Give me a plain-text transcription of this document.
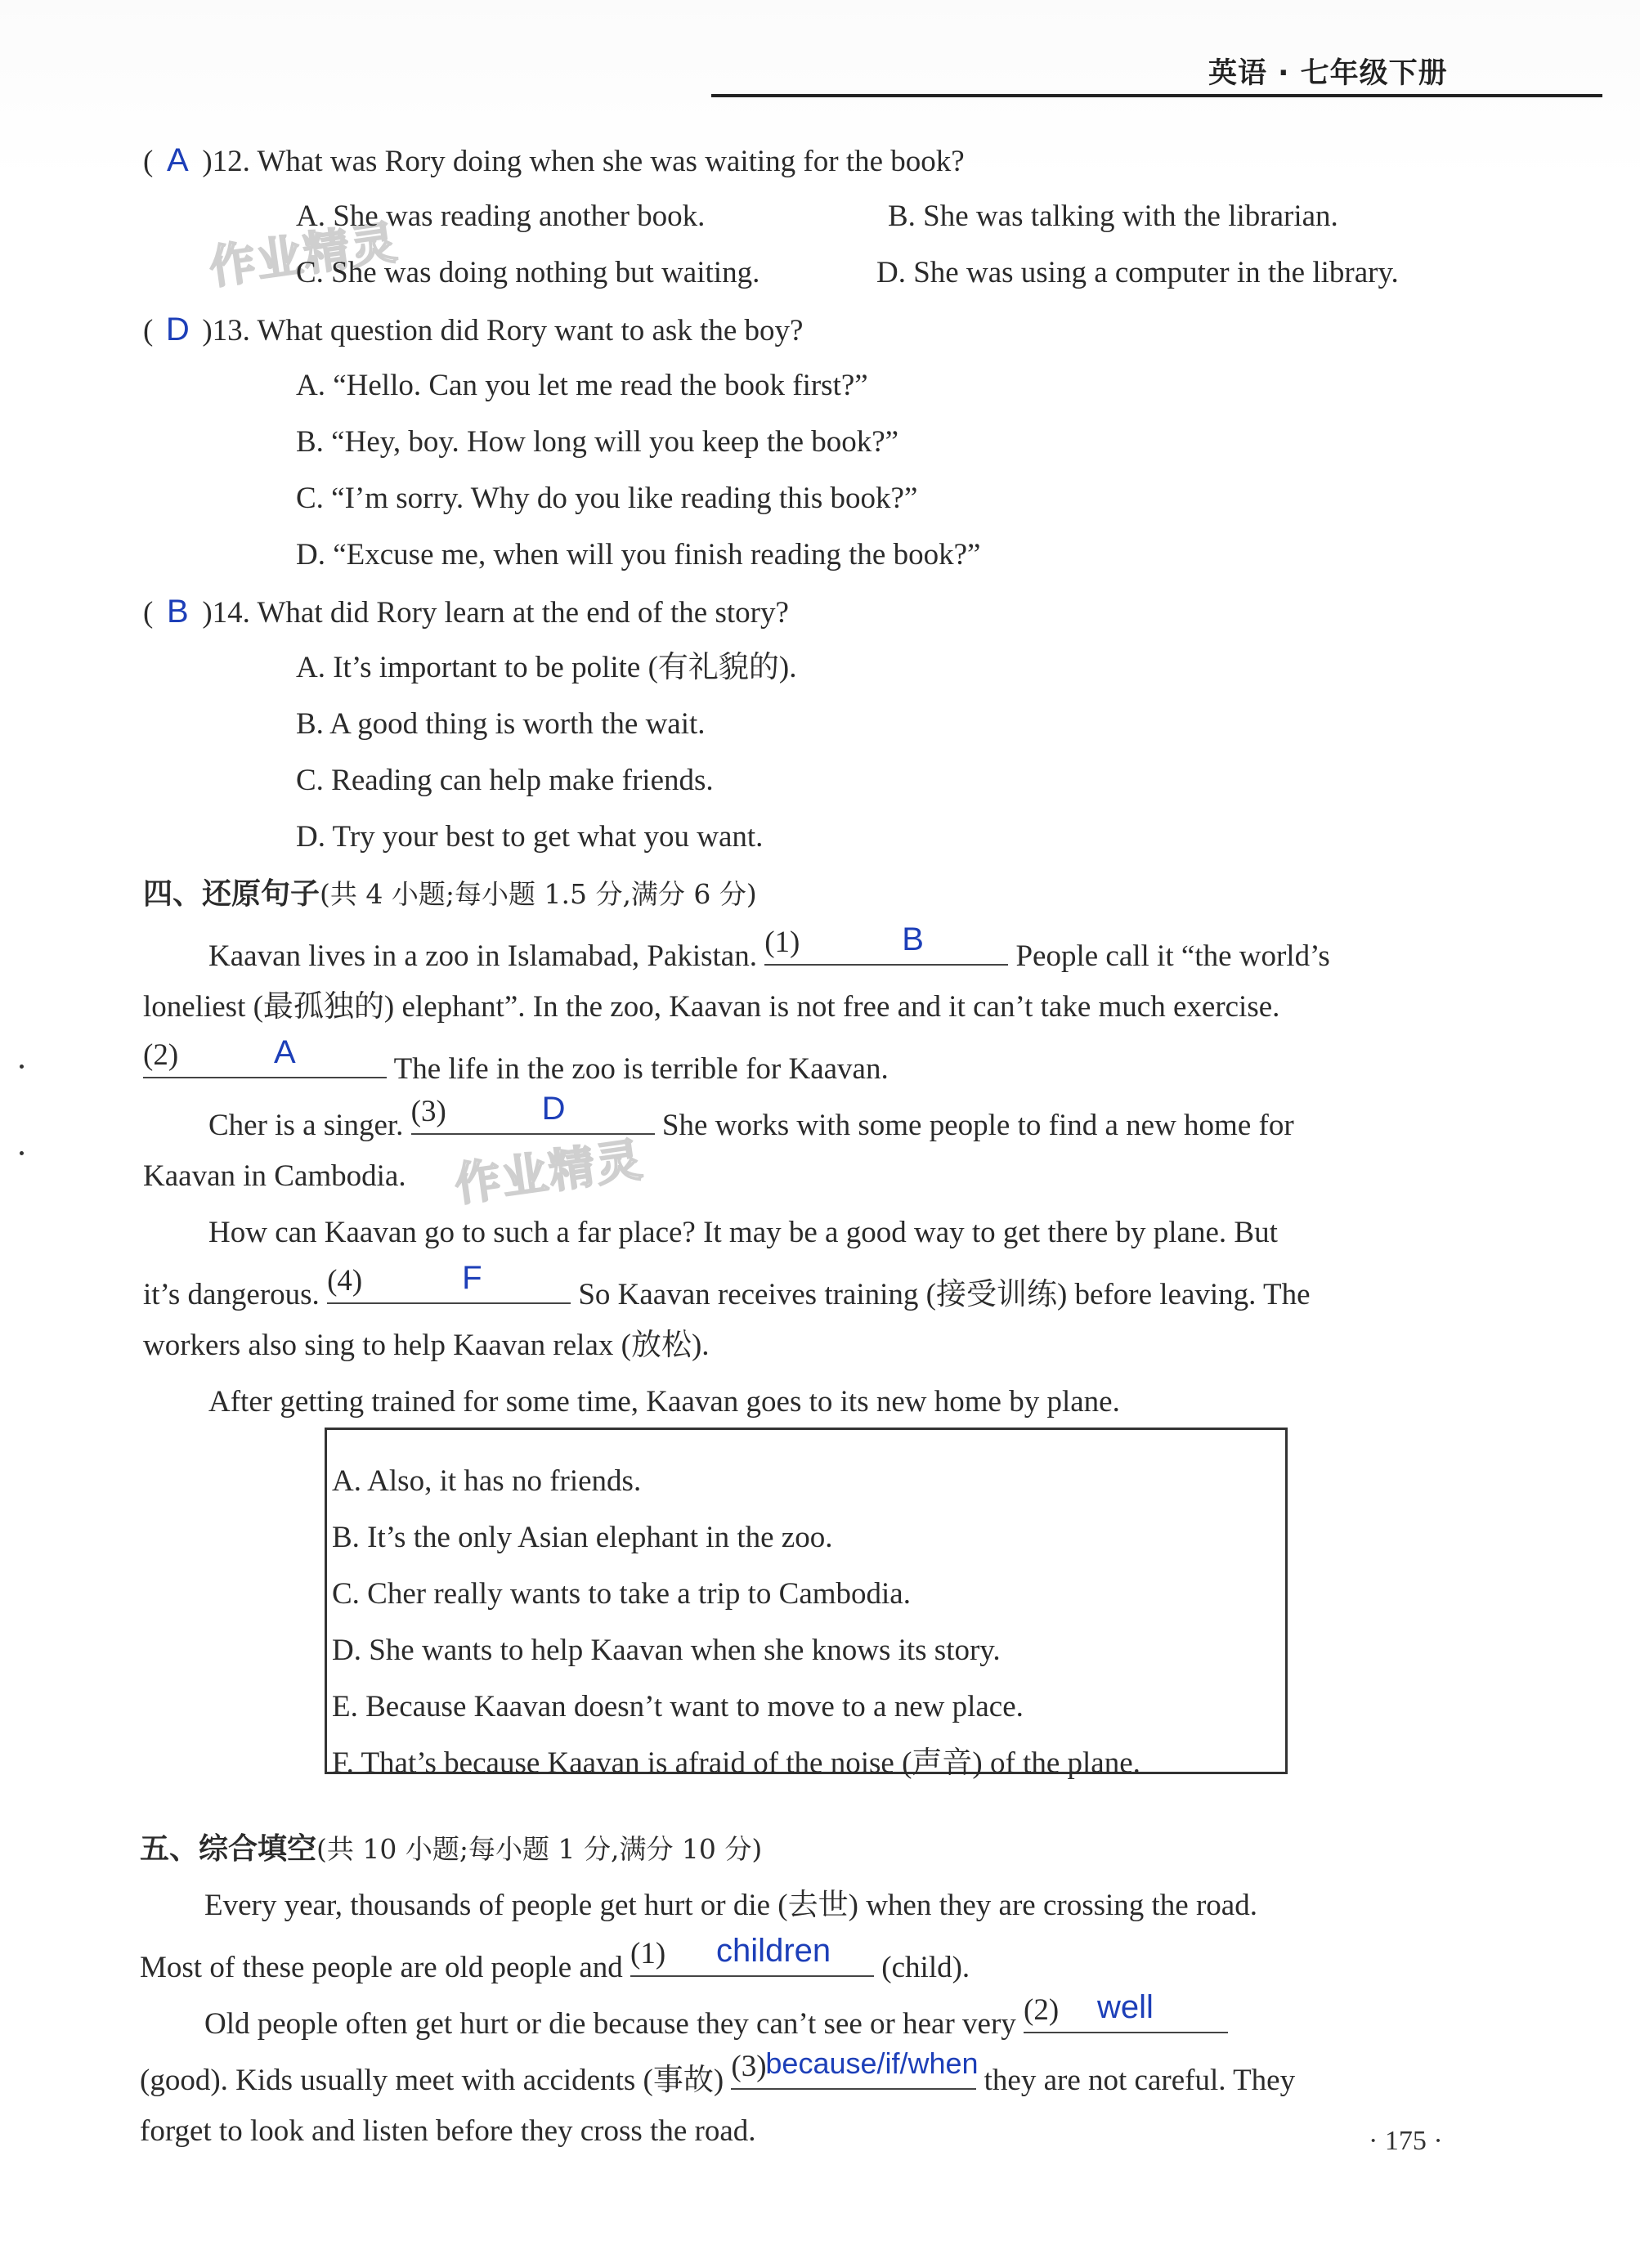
英语 · 七年级下册
作业精灵
作业精灵
( A )12. What was Rory doing when she was waiting for the book?
A. She was reading another book.	B. She was talking with the librarian.
C. She was doing nothing but waiting.	D. She was using a computer in the library.
( D )13. What question did Rory want to ask the boy?
A. “Hello. Can you let me read the book first?”
B. “Hey, boy. How long will you keep the book?”
C. “I’m sorry. Why do you like reading this book?”
D. “Excuse me, when will you finish reading the book?”
( B )14. What did Rory learn at the end of the story?
A. It’s important to be polite (有礼貌的).
B. A good thing is worth the wait.
C. Reading can help make friends.
D. Try your best to get what you want.
四、还原句子(共 4 小题;每小题 1.5 分,满分 6 分)
Kaavan lives in a zoo in Islamabad, Pakistan. (1)	B	People call it “the world’s
loneliest (最孤独的) elephant”. In the zoo, Kaavan is not free and it can’t take much exercise.
(2)	A	The life in the zoo is terrible for Kaavan.
Cher is a singer. (3)	D	She works with some people to find a new home for
Kaavan in Cambodia.
How can Kaavan go to such a far place? It may be a good way to get there by plane. But
it’s dangerous. (4)	F	So Kaavan receives training (接受训练) before leaving. The
workers also sing to help Kaavan relax (放松).
After getting trained for some time, Kaavan goes to its new home by plane.
A. Also, it has no friends.
B. It’s the only Asian elephant in the zoo.
C. Cher really wants to take a trip to Cambodia.
D. She wants to help Kaavan when she knows its story.
E. Because Kaavan doesn’t want to move to a new place.
F. That’s because Kaavan is afraid of the noise (声音) of the plane.
五、综合填空(共 10 小题;每小题 1 分,满分 10 分)
Every year, thousands of people get hurt or die (去世) when they are crossing the road.
Most of these people are old people and (1) children (child).
Old people often get hurt or die because they can’t see or hear very (2) well
(good). Kids usually meet with accidents (事故) (3)
because/if/when
they are not careful. They
forget to look and listen before they cross the road.	· 175 ·
